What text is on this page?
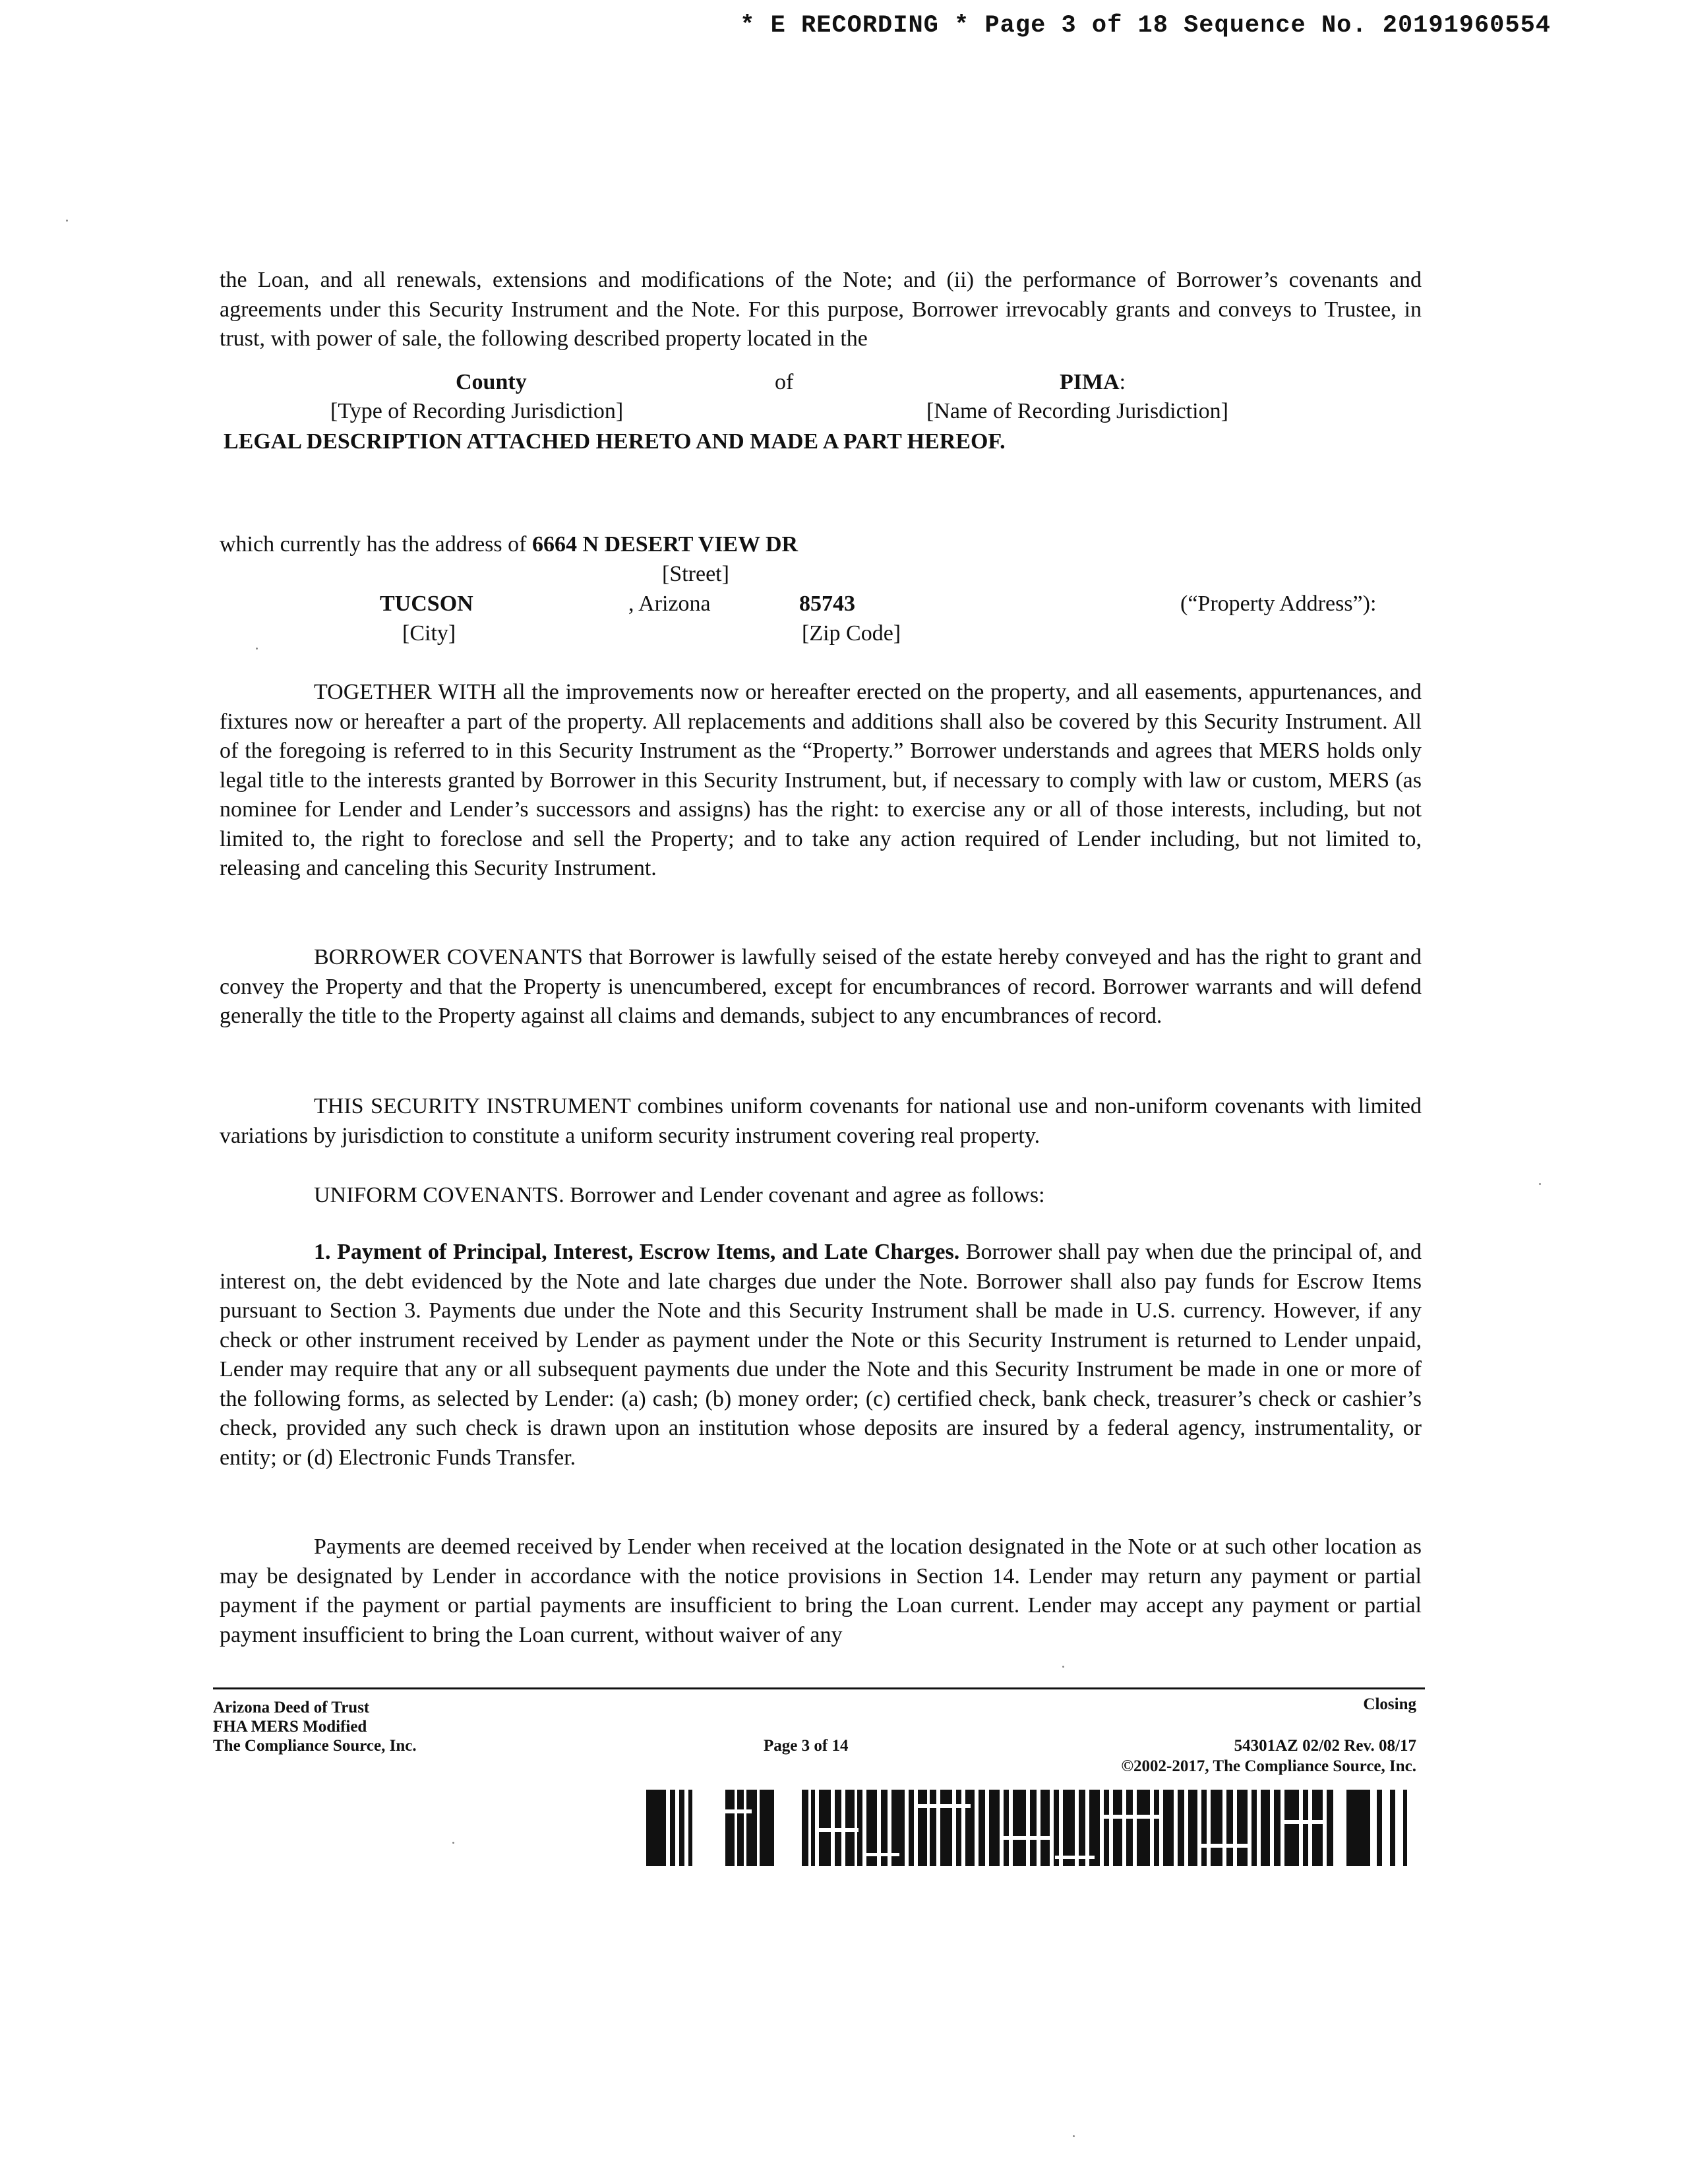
* E RECORDING * Page 3 of 18 Sequence No. 20191960554

the Loan, and all renewals, extensions and modifications of the Note; and (ii) the performance of Borrower’s covenants and agreements under this Security Instrument and the Note. For this purpose, Borrower irrevocably grants and conveys to Trustee, in trust, with power of sale, the following described property located in the

County	of	PIMA:
[Type of Recording Jurisdiction]	[Name of Recording Jurisdiction]
LEGAL DESCRIPTION ATTACHED HERETO AND MADE A PART HEREOF.
which currently has the address of 6664 N DESERT VIEW DR
[Street]
TUCSON	, Arizona	85743	(“Property Address”):
[City]	[Zip Code]

TOGETHER WITH all the improvements now or hereafter erected on the property, and all easements, appurtenances, and fixtures now or hereafter a part of the property. All replacements and additions shall also be covered by this Security Instrument. All of the foregoing is referred to in this Security Instrument as the “Property.” Borrower understands and agrees that MERS holds only legal title to the interests granted by Borrower in this Security Instrument, but, if necessary to comply with law or custom, MERS (as nominee for Lender and Lender’s successors and assigns) has the right: to exercise any or all of those interests, including, but not limited to, the right to foreclose and sell the Property; and to take any action required of Lender including, but not limited to, releasing and canceling this Security Instrument.

BORROWER COVENANTS that Borrower is lawfully seised of the estate hereby conveyed and has the right to grant and convey the Property and that the Property is unencumbered, except for encumbrances of record. Borrower warrants and will defend generally the title to the Property against all claims and demands, subject to any encumbrances of record.

THIS SECURITY INSTRUMENT combines uniform covenants for national use and non-uniform covenants with limited variations by jurisdiction to constitute a uniform security instrument covering real property.

UNIFORM COVENANTS. Borrower and Lender covenant and agree as follows:

1. Payment of Principal, Interest, Escrow Items, and Late Charges. Borrower shall pay when due the principal of, and interest on, the debt evidenced by the Note and late charges due under the Note. Borrower shall also pay funds for Escrow Items pursuant to Section 3. Payments due under the Note and this Security Instrument shall be made in U.S. currency. However, if any check or other instrument received by Lender as payment under the Note or this Security Instrument is returned to Lender unpaid, Lender may require that any or all subsequent payments due under the Note and this Security Instrument be made in one or more of the following forms, as selected by Lender: (a) cash; (b) money order; (c) certified check, bank check, treasurer’s check or cashier’s check, provided any such check is drawn upon an institution whose deposits are insured by a federal agency, instrumentality, or entity; or (d) Electronic Funds Transfer.

Payments are deemed received by Lender when received at the location designated in the Note or at such other location as may be designated by Lender in accordance with the notice provisions in Section 14. Lender may return any payment or partial payment if the payment or partial payments are insufficient to bring the Loan current. Lender may accept any payment or partial payment insufficient to bring the Loan current, without waiver of any

Arizona Deed of Trust
FHA MERS Modified
The Compliance Source, Inc.	Page 3 of 14
Closing
54301AZ 02/02 Rev. 08/17
©2002-2017, The Compliance Source, Inc.
